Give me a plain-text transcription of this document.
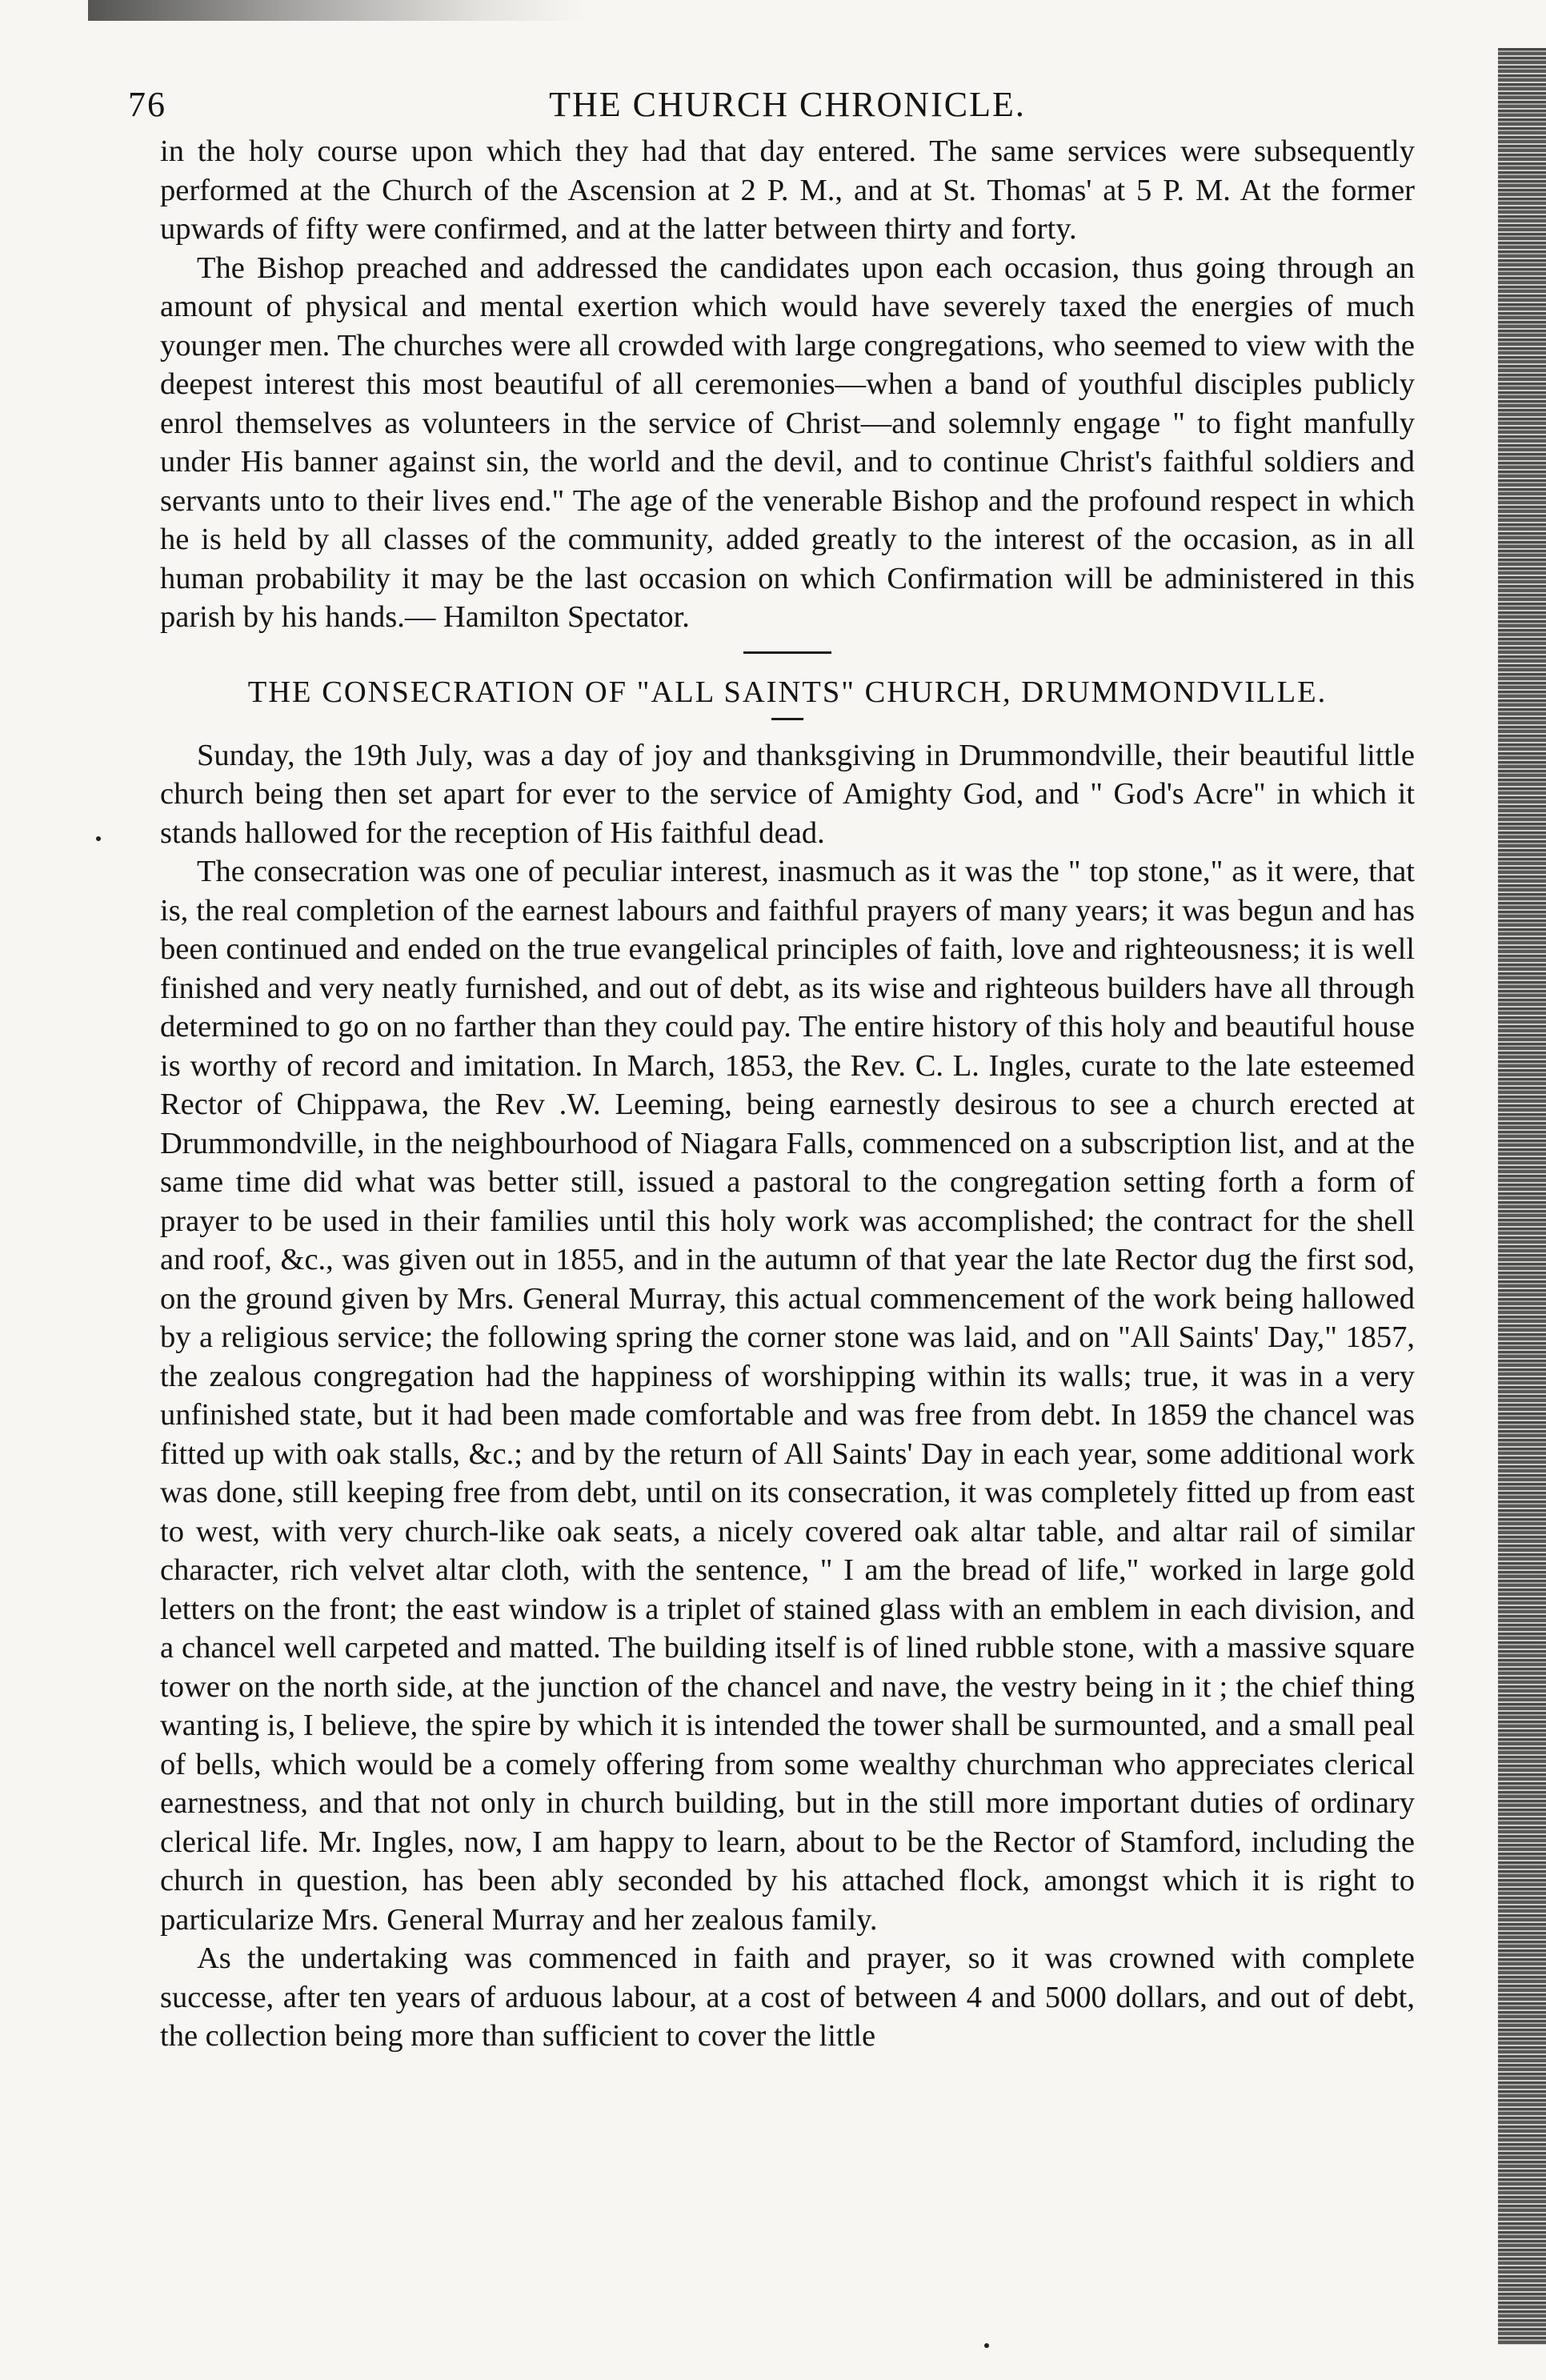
76	THE CHURCH CHRONICLE.

in the holy course upon which they had that day entered. The same services were subsequently performed at the Church of the Ascension at 2 P. M., and at St. Thomas' at 5 P. M. At the former upwards of fifty were confirmed, and at the latter between thirty and forty.

The Bishop preached and addressed the candidates upon each occasion, thus going through an amount of physical and mental exertion which would have severely taxed the energies of much younger men. The churches were all crowded with large congregations, who seemed to view with the deepest interest this most beautiful of all ceremonies—when a band of youthful disciples publicly enrol themselves as volunteers in the service of Christ—and solemnly engage " to fight manfully under His banner against sin, the world and the devil, and to continue Christ's faithful soldiers and servants unto to their lives end." The age of the venerable Bishop and the profound respect in which he is held by all classes of the community, added greatly to the interest of the occasion, as in all human probability it may be the last occasion on which Confirmation will be administered in this parish by his hands.— Hamilton Spectator.

THE CONSECRATION OF "ALL SAINTS" CHURCH, DRUMMONDVILLE.

Sunday, the 19th July, was a day of joy and thanksgiving in Drummondville, their beautiful little church being then set apart for ever to the service of Amighty God, and " God's Acre" in which it stands hallowed for the reception of His faithful dead.

The consecration was one of peculiar interest, inasmuch as it was the " top stone," as it were, that is, the real completion of the earnest labours and faithful prayers of many years; it was begun and has been continued and ended on the true evangelical principles of faith, love and righteousness; it is well finished and very neatly furnished, and out of debt, as its wise and righteous builders have all through determined to go on no farther than they could pay. The entire history of this holy and beautiful house is worthy of record and imitation. In March, 1853, the Rev. C. L. Ingles, curate to the late esteemed Rector of Chippawa, the Rev .W. Leeming, being earnestly desirous to see a church erected at Drummondville, in the neighbourhood of Niagara Falls, commenced on a subscription list, and at the same time did what was better still, issued a pastoral to the congregation setting forth a form of prayer to be used in their families until this holy work was accomplished; the contract for the shell and roof, &c., was given out in 1855, and in the autumn of that year the late Rector dug the first sod, on the ground given by Mrs. General Murray, this actual commencement of the work being hallowed by a religious service; the following spring the corner stone was laid, and on "All Saints' Day," 1857, the zealous congregation had the happiness of worshipping within its walls; true, it was in a very unfinished state, but it had been made comfortable and was free from debt. In 1859 the chancel was fitted up with oak stalls, &c.; and by the return of All Saints' Day in each year, some additional work was done, still keeping free from debt, until on its consecration, it was completely fitted up from east to west, with very church-like oak seats, a nicely covered oak altar table, and altar rail of similar character, rich velvet altar cloth, with the sentence, " I am the bread of life," worked in large gold letters on the front; the east window is a triplet of stained glass with an emblem in each division, and a chancel well carpeted and matted. The building itself is of lined rubble stone, with a massive square tower on the north side, at the junction of the chancel and nave, the vestry being in it ; the chief thing wanting is, I believe, the spire by which it is intended the tower shall be surmounted, and a small peal of bells, which would be a comely offering from some wealthy churchman who appreciates clerical earnestness, and that not only in church building, but in the still more important duties of ordinary clerical life. Mr. Ingles, now, I am happy to learn, about to be the Rector of Stamford, including the church in question, has been ably seconded by his attached flock, amongst which it is right to particularize Mrs. General Murray and her zealous family.

As the undertaking was commenced in faith and prayer, so it was crowned with complete successe, after ten years of arduous labour, at a cost of between 4 and 5000 dollars, and out of debt, the collection being more than sufficient to cover the little
